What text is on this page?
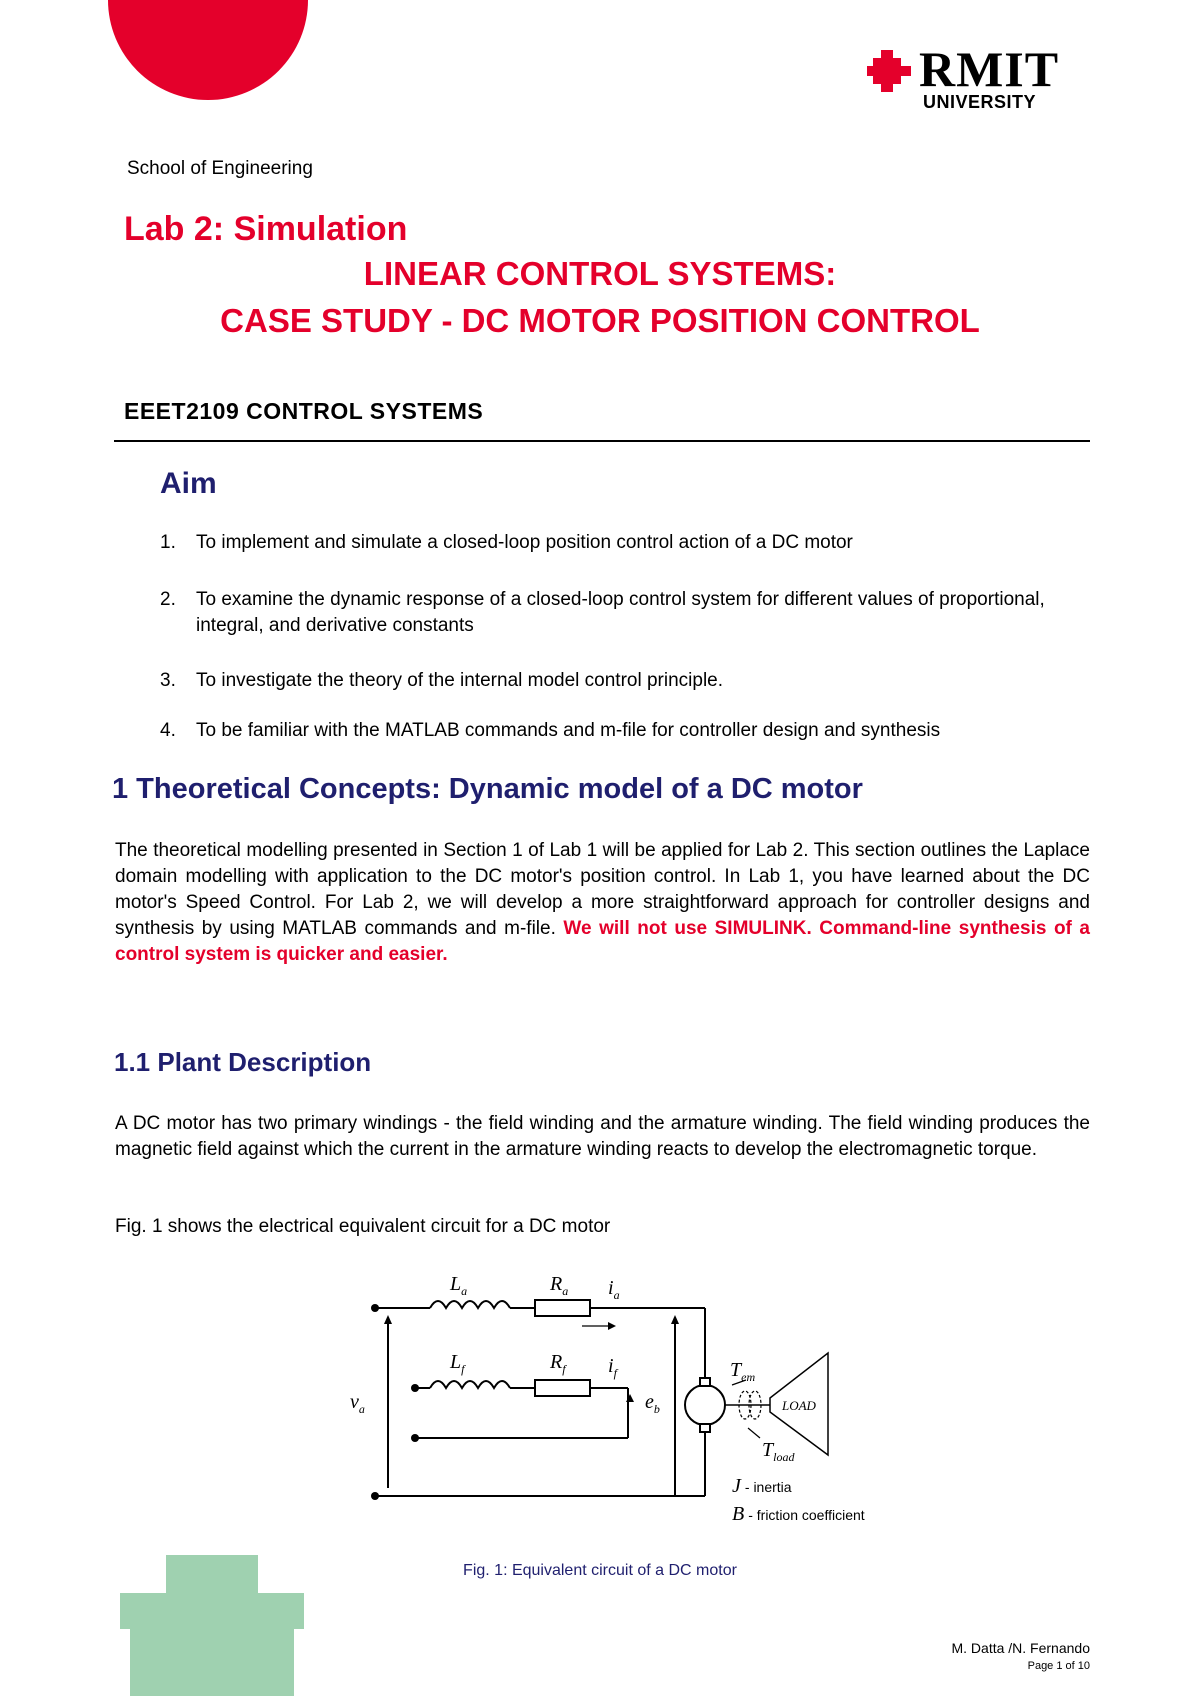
RMIT
UNIVERSITY
School of Engineering
Lab 2: Simulation
LINEAR CONTROL SYSTEMS:
CASE STUDY - DC MOTOR POSITION CONTROL
EEET2109 CONTROL SYSTEMS
Aim
1.	To implement and simulate a closed-loop position control action of a DC motor
2.	To examine the dynamic response of a closed-loop control system for different values of proportional, integral, and derivative constants
3.	To investigate the theory of the internal model control principle.
4.	To be familiar with the MATLAB commands and m-file for controller design and synthesis
1 Theoretical Concepts: Dynamic model of a DC motor
The theoretical modelling presented in Section 1 of Lab 1 will be applied for Lab 2. This section outlines the Laplace domain modelling with application to the DC motor's position control. In Lab 1, you have learned about the DC motor's Speed Control. For Lab 2, we will develop a more straightforward approach for controller designs and synthesis by using MATLAB commands and m-file. We will not use SIMULINK. Command-line synthesis of a control system is quicker and easier.
1.1 Plant Description
A DC motor has two primary windings - the field winding and the armature winding. The field winding produces the magnetic field against which the current in the armature winding reacts to develop the electromagnetic torque.
Fig. 1 shows the electrical equivalent circuit for a DC motor
$L_a$	$R_a$ $i_a$
$L_f$	$R_f$ $i_f$
$v_a$	$e_b$
$T_{em}$
$T_{load}$
J - inertia
B - friction coefficient
LOAD
Fig. 1: Equivalent circuit of a DC motor
M. Datta /N. Fernando
Page 1 of 10
